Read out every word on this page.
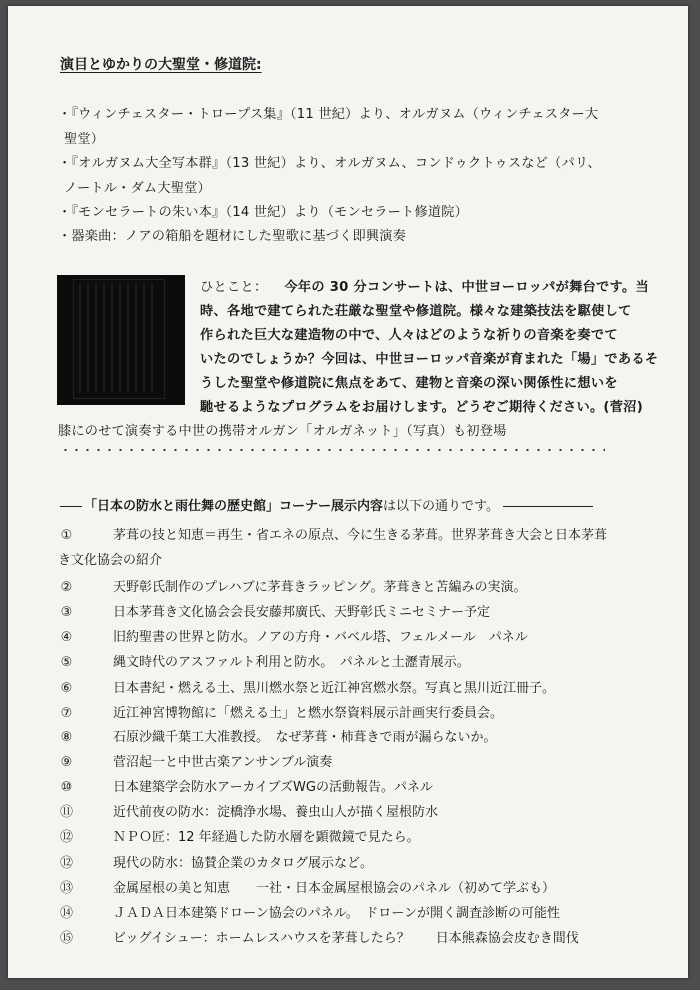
演目とゆかりの大聖堂・修道院:
・『ウィンチェスター・トロープス集』（11 世紀）より、オルガヌム（ウィンチェスター大
聖堂）
・『オルガヌム大全写本群』（13 世紀）より、オルガヌム、コンドゥクトゥスなど（パリ、
ノートル・ダム大聖堂）
・『モンセラートの朱い本』（14 世紀）より（モンセラート修道院）
・器楽曲：ノアの箱船を題材にした聖歌に基づく即興演奏
ひとこと： 今年の 30 分コンサートは、中世ヨーロッパが舞台です。当
時、各地で建てられた荘厳な聖堂や修道院。様々な建築技法を駆使して
作られた巨大な建造物の中で、人々はどのような祈りの音楽を奏でて
いたのでしょうか？今回は、中世ヨーロッパ音楽が育まれた「場」であるそ
うした聖堂や修道院に焦点をあて、建物と音楽の深い関係性に想いを
馳せるようなプログラムをお届けします。どうぞご期待ください。(菅沼)
膝にのせて演奏する中世の携帯オルガン「オルガネット」（写真）も初登場
「日本の防水と雨仕舞の歴史館」コーナー展示内容は以下の通りです。
①	茅葺の技と知恵＝再生・省エネの原点、今に生きる茅葺。世界茅葺き大会と日本茅葺
き文化協会の紹介
②	天野彰氏制作のプレハブに茅葺きラッピング。茅葺きと苫編みの実演。
③	日本茅葺き文化協会会長安藤邦廣氏、天野彰氏ミニセミナー予定
④	旧約聖書の世界と防水。ノアの方舟・バベル塔、フェルメール　パネル
⑤	縄文時代のアスファルト利用と防水。　パネルと土瀝青展示。
⑥	日本書紀・燃える土、黒川燃水祭と近江神宮燃水祭。写真と黒川近江冊子。
⑦	近江神宮博物館に「燃える土」と燃水祭資料展示計画実行委員会。
⑧	石原沙織千葉工大准教授。　なぜ茅葺・柿葺きで雨が漏らないか。
⑨	菅沼起一と中世古楽アンサンブル演奏
⑩	日本建築学会防水アーカイブズWGの活動報告。パネル
⑪	近代前夜の防水：淀橋浄水場、養虫山人が描く屋根防水
⑫	ＮＰＯ匠：12 年経過した防水層を顕微鏡で見たら。
⑫	現代の防水：協賛企業のカタログ展示など。
⑬	金属屋根の美と知恵　　一社・日本金属屋根協会のパネル（初めて学ぶも）
⑭	ＪＡＤＡ日本建築ドローン協会のパネル。　ドローンが開く調査診断の可能性
⑮	ビッグイシュー：ホームレスハウスを茅葺したら？　　日本熊森協会皮むき間伐
